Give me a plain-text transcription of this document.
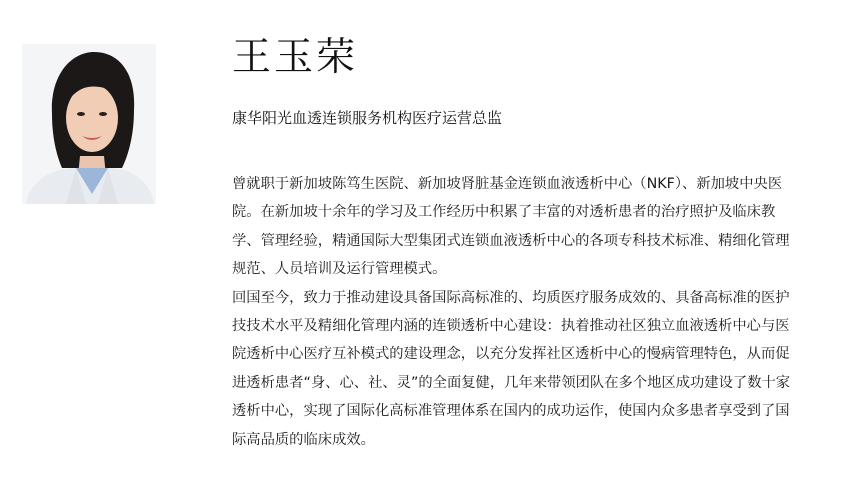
王玉荣
康华阳光血透连锁服务机构医疗运营总监

曾就职于新加坡陈笃生医院、新加坡肾脏基金连锁血液透析中心（NKF）、新加坡中央医院。在新加坡十余年的学习及工作经历中积累了丰富的对透析患者的治疗照护及临床教学、管理经验，精通国际大型集团式连锁血液透析中心的各项专科技术标准、精细化管理规范、人员培训及运行管理模式。

回国至今，致力于推动建设具备国际高标准的、均质医疗服务成效的、具备高标准的医护技技术水平及精细化管理内涵的连锁透析中心建设：执着推动社区独立血液透析中心与医院透析中心医疗互补模式的建设理念，以充分发挥社区透析中心的慢病管理特色，从而促进透析患者“身、心、社、灵”的全面复健，几年来带领团队在多个地区成功建设了数十家透析中心，实现了国际化高标准管理体系在国内的成功运作，使国内众多患者享受到了国际高品质的临床成效。
